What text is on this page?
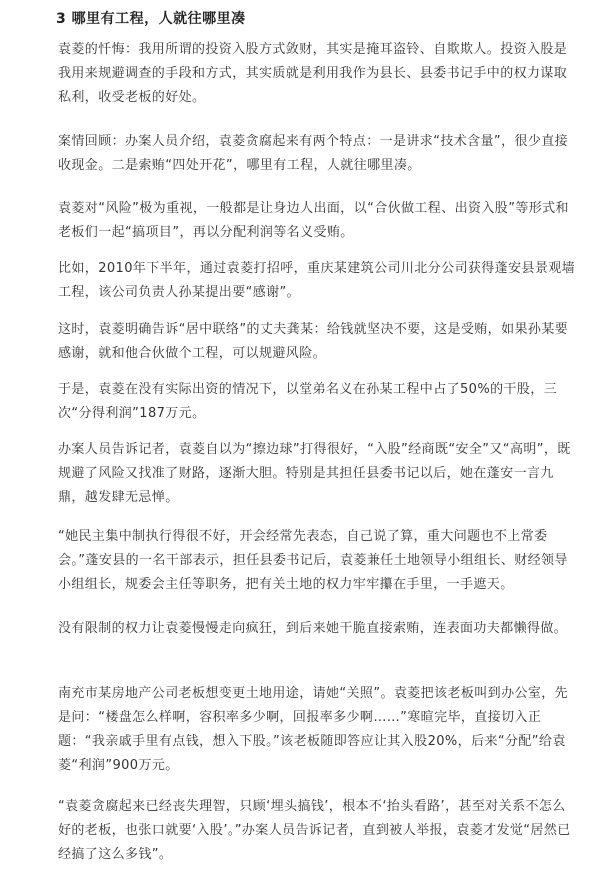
3 哪里有工程，人就往哪里凑

袁菱的忏悔：我用所谓的投资入股方式敛财，其实是掩耳盗铃、自欺欺人。投资入股是我用来规避调查的手段和方式，其实质就是利用我作为县长、县委书记手中的权力谋取私利，收受老板的好处。

案情回顾：办案人员介绍，袁菱贪腐起来有两个特点：一是讲求“技术含量”，很少直接收现金。二是索贿“四处开花”，哪里有工程，人就往哪里凑。

袁菱对“风险”极为重视，一般都是让身边人出面，以“合伙做工程、出资入股”等形式和老板们一起“搞项目”，再以分配利润等名义受贿。

比如，2010年下半年，通过袁菱打招呼，重庆某建筑公司川北分公司获得蓬安县景观墙工程，该公司负责人孙某提出要“感谢”。

这时，袁菱明确告诉“居中联络”的丈夫龚某：给钱就坚决不要，这是受贿，如果孙某要感谢，就和他合伙做个工程，可以规避风险。

于是，袁菱在没有实际出资的情况下，以堂弟名义在孙某工程中占了50%的干股，三次“分得利润”187万元。

办案人员告诉记者，袁菱自以为“擦边球”打得很好，“入股”经商既“安全”又“高明”，既规避了风险又找准了财路，逐渐大胆。特别是其担任县委书记以后，她在蓬安一言九鼎，越发肆无忌惮。

“她民主集中制执行得很不好，开会经常先表态，自己说了算，重大问题也不上常委会。”蓬安县的一名干部表示，担任县委书记后，袁菱兼任土地领导小组组长、财经领导小组组长，规委会主任等职务，把有关土地的权力牢牢攥在手里，一手遮天。

没有限制的权力让袁菱慢慢走向疯狂，到后来她干脆直接索贿，连表面功夫都懒得做。

南充市某房地产公司老板想变更土地用途，请她“关照”。袁菱把该老板叫到办公室，先是问：“楼盘怎么样啊，容积率多少啊，回报率多少啊……”寒暄完毕，直接切入正题：“我亲戚手里有点钱，想入下股。”该老板随即答应让其入股20%，后来“分配”给袁菱“利润”900万元。

“袁菱贪腐起来已经丧失理智，只顾‘埋头搞钱’，根本不‘抬头看路’，甚至对关系不怎么好的老板，也张口就要‘入股’。”办案人员告诉记者，直到被人举报，袁菱才发觉“居然已经搞了这么多钱”。
